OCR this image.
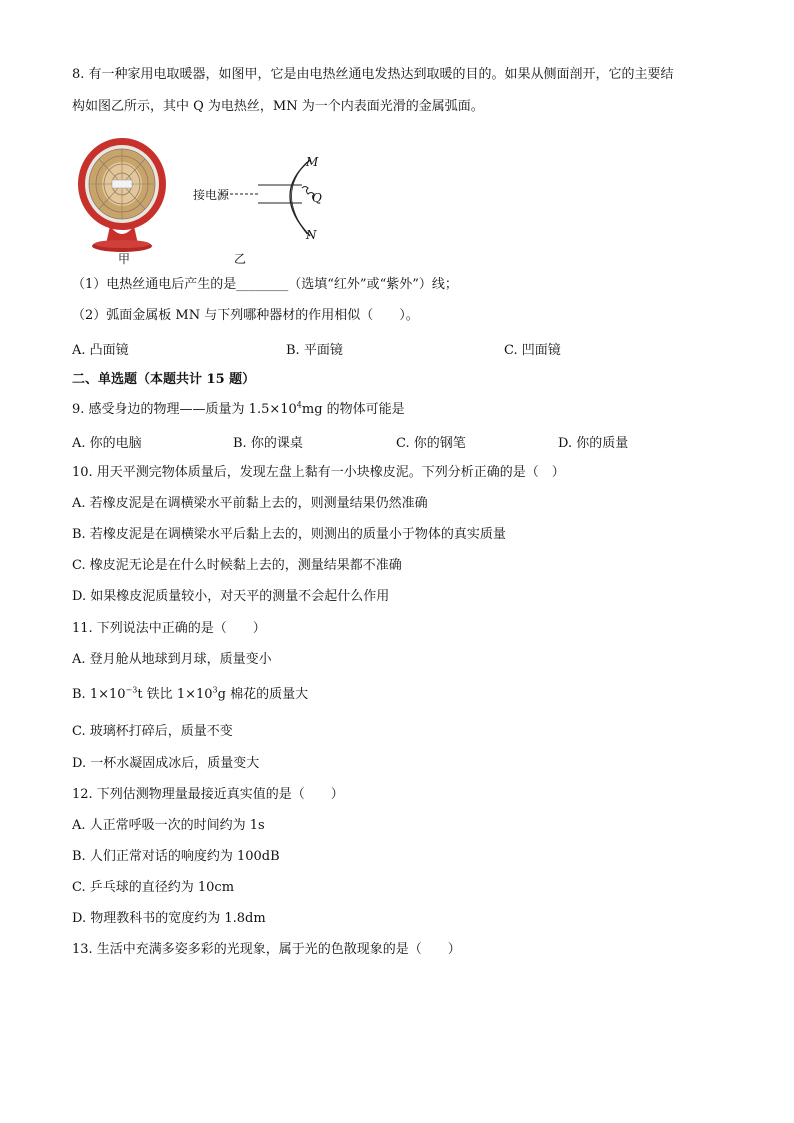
8. 有一种家用电取暖器，如图甲，它是由电热丝通电发热达到取暖的目的。如果从侧面剖开，它的主要结
构如图乙所示，其中 Q 为电热丝，MN 为一个内表面光滑的金属弧面。
甲
接电源
M
Q
N
乙
（1）电热丝通电后产生的是________（选填“红外”或“紫外”）线；
（2）弧面金属板 MN 与下列哪种器材的作用相似（　　）。
A. 凸面镜	B. 平面镜	C. 凹面镜
二、单选题（本题共计 15 题）
9. 感受身边的物理——质量为 $1.5\times 10^4mg$ 的物体可能是
A. 你的电脑	B. 你的课桌	C. 你的钢笔	D. 你的质量
10. 用天平测完物体质量后，发现左盘上黏有一小块橡皮泥。下列分析正确的是（　）
A. 若橡皮泥是在调横梁水平前黏上去的，则测量结果仍然准确
B. 若橡皮泥是在调横梁水平后黏上去的，则测出的质量小于物体的真实质量
C. 橡皮泥无论是在什么时候黏上去的，测量结果都不准确
D. 如果橡皮泥质量较小，对天平的测量不会起什么作用
11. 下列说法中正确的是（　　）
A. 登月舱从地球到月球，质量变小
B. $1\times 10^{-3}t$ 铁比 $1\times 10^3g$ 棉花的质量大
C. 玻璃杯打碎后，质量不变
D. 一杯水凝固成冰后，质量变大
12. 下列估测物理量最接近真实值的是（　　）
A. 人正常呼吸一次的时间约为 1s
B. 人们正常对话的响度约为 100dB
C. 乒乓球的直径约为 10cm
D. 物理教科书的宽度约为 1.8dm
13. 生活中充满多姿多彩的光现象，属于光的色散现象的是（　　）
